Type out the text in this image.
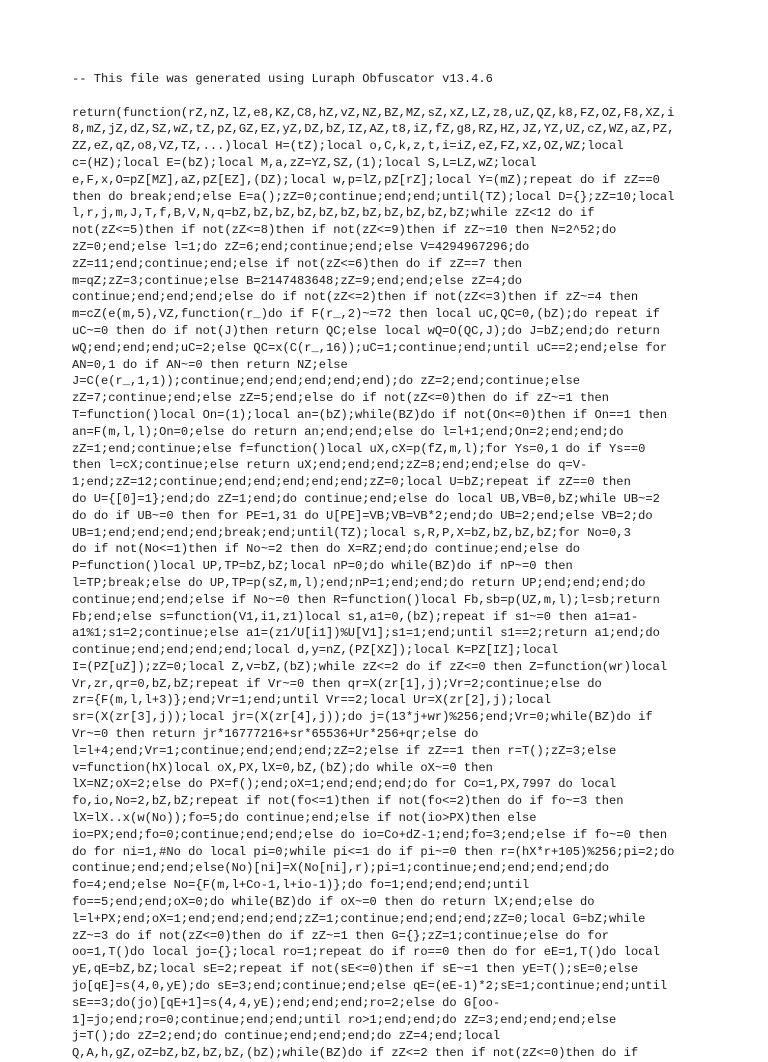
-- This file was generated using Luraph Obfuscator v13.4.6
return(function(rZ,nZ,lZ,e8,KZ,C8,hZ,vZ,NZ,BZ,MZ,sZ,xZ,LZ,z8,uZ,QZ,k8,FZ,OZ,F8,XZ,i
8,mZ,jZ,dZ,SZ,wZ,tZ,pZ,GZ,EZ,yZ,DZ,bZ,IZ,AZ,t8,iZ,fZ,g8,RZ,HZ,JZ,YZ,UZ,cZ,WZ,aZ,PZ,
ZZ,eZ,qZ,o8,VZ,TZ,...)local H=(tZ);local o,C,k,z,t,i=iZ,eZ,FZ,xZ,OZ,WZ;local
c=(HZ);local E=(bZ);local M,a,zZ=YZ,SZ,(1);local S,L=LZ,wZ;local
e,F,x,O=pZ[MZ],aZ,pZ[EZ],(DZ);local w,p=lZ,pZ[rZ];local Y=(mZ);repeat do if zZ==0
then do break;end;else E=a();zZ=0;continue;end;end;until(TZ);local D={};zZ=10;local
l,r,j,m,J,T,f,B,V,N,q=bZ,bZ,bZ,bZ,bZ,bZ,bZ,bZ,bZ,bZ,bZ;while zZ<12 do if
not(zZ<=5)then if not(zZ<=8)then if not(zZ<=9)then if zZ~=10 then N=2^52;do
zZ=0;end;else l=1;do zZ=6;end;continue;end;else V=4294967296;do
zZ=11;end;continue;end;else if not(zZ<=6)then do if zZ==7 then
m=qZ;zZ=3;continue;else B=2147483648;zZ=9;end;end;else zZ=4;do
continue;end;end;end;else do if not(zZ<=2)then if not(zZ<=3)then if zZ~=4 then
m=cZ(e(m,5),VZ,function(r_)do if F(r_,2)~=72 then local uC,QC=0,(bZ);do repeat if
uC~=0 then do if not(J)then return QC;else local wQ=O(QC,J);do J=bZ;end;do return
wQ;end;end;end;uC=2;else QC=x(C(r_,16));uC=1;continue;end;until uC==2;end;else for
AN=0,1 do if AN~=0 then return NZ;else
J=C(e(r_,1,1));continue;end;end;end;end;end);do zZ=2;end;continue;else
zZ=7;continue;end;else zZ=5;end;else do if not(zZ<=0)then do if zZ~=1 then
T=function()local On=(1);local an=(bZ);while(BZ)do if not(On<=0)then if On==1 then
an=F(m,l,l);On=0;else do return an;end;end;else do l=l+1;end;On=2;end;end;do
zZ=1;end;continue;else f=function()local uX,cX=p(fZ,m,l);for Ys=0,1 do if Ys==0
then l=cX;continue;else return uX;end;end;end;zZ=8;end;end;else do q=V-
1;end;zZ=12;continue;end;end;end;end;end;zZ=0;local U=bZ;repeat if zZ==0 then
do U={[0]=1};end;do zZ=1;end;do continue;end;else do local UB,VB=0,bZ;while UB~=2
do do if UB~=0 then for PE=1,31 do U[PE]=VB;VB=VB*2;end;do UB=2;end;else VB=2;do
UB=1;end;end;end;end;break;end;until(TZ);local s,R,P,X=bZ,bZ,bZ,bZ;for No=0,3
do if not(No<=1)then if No~=2 then do X=RZ;end;do continue;end;else do
P=function()local UP,TP=bZ,bZ;local nP=0;do while(BZ)do if nP~=0 then
l=TP;break;else do UP,TP=p(sZ,m,l);end;nP=1;end;end;do return UP;end;end;end;do
continue;end;end;else if No~=0 then R=function()local Fb,sb=p(UZ,m,l);l=sb;return
Fb;end;else s=function(V1,i1,z1)local s1,a1=0,(bZ);repeat if s1~=0 then a1=a1-
a1%1;s1=2;continue;else a1=(z1/U[i1])%U[V1];s1=1;end;until s1==2;return a1;end;do
continue;end;end;end;end;local d,y=nZ,(PZ[XZ]);local K=PZ[IZ];local
I=(PZ[uZ]);zZ=0;local Z,v=bZ,(bZ);while zZ<=2 do if zZ<=0 then Z=function(wr)local
Vr,zr,qr=0,bZ,bZ;repeat if Vr~=0 then qr=X(zr[1],j);Vr=2;continue;else do
zr={F(m,l,l+3)};end;Vr=1;end;until Vr==2;local Ur=X(zr[2],j);local
sr=(X(zr[3],j));local jr=(X(zr[4],j));do j=(13*j+wr)%256;end;Vr=0;while(BZ)do if
Vr~=0 then return jr*16777216+sr*65536+Ur*256+qr;else do
l=l+4;end;Vr=1;continue;end;end;end;zZ=2;else if zZ==1 then r=T();zZ=3;else
v=function(hX)local oX,PX,lX=0,bZ,(bZ);do while oX~=0 then
lX=NZ;oX=2;else do PX=f();end;oX=1;end;end;end;do for Co=1,PX,7997 do local
fo,io,No=2,bZ,bZ;repeat if not(fo<=1)then if not(fo<=2)then do if fo~=3 then
lX=lX..x(w(No));fo=5;do continue;end;else if not(io>PX)then else
io=PX;end;fo=0;continue;end;end;else do io=Co+dZ-1;end;fo=3;end;else if fo~=0 then
do for ni=1,#No do local pi=0;while pi<=1 do if pi~=0 then r=(hX*r+105)%256;pi=2;do
continue;end;end;else(No)[ni]=X(No[ni],r);pi=1;continue;end;end;end;end;do
fo=4;end;else No={F(m,l+Co-1,l+io-1)};do fo=1;end;end;end;until
fo==5;end;end;oX=0;do while(BZ)do if oX~=0 then do return lX;end;else do
l=l+PX;end;oX=1;end;end;end;end;zZ=1;continue;end;end;end;zZ=0;local G=bZ;while
zZ~=3 do if not(zZ<=0)then do if zZ~=1 then G={};zZ=1;continue;else do for
oo=1,T()do local jo={};local ro=1;repeat do if ro==0 then do for eE=1,T()do local
yE,qE=bZ,bZ;local sE=2;repeat if not(sE<=0)then if sE~=1 then yE=T();sE=0;else
jo[qE]=s(4,0,yE);do sE=3;end;continue;end;else qE=(eE-1)*2;sE=1;continue;end;until
sE==3;do(jo)[qE+1]=s(4,4,yE);end;end;end;ro=2;else do G[oo-
1]=jo;end;ro=0;continue;end;end;until ro>1;end;end;do zZ=3;end;end;end;else
j=T();do zZ=2;end;do continue;end;end;end;do zZ=4;end;local
Q,A,h,gZ,oZ=bZ,bZ,bZ,bZ,(bZ);while(BZ)do if zZ<=2 then if not(zZ<=0)then do if
